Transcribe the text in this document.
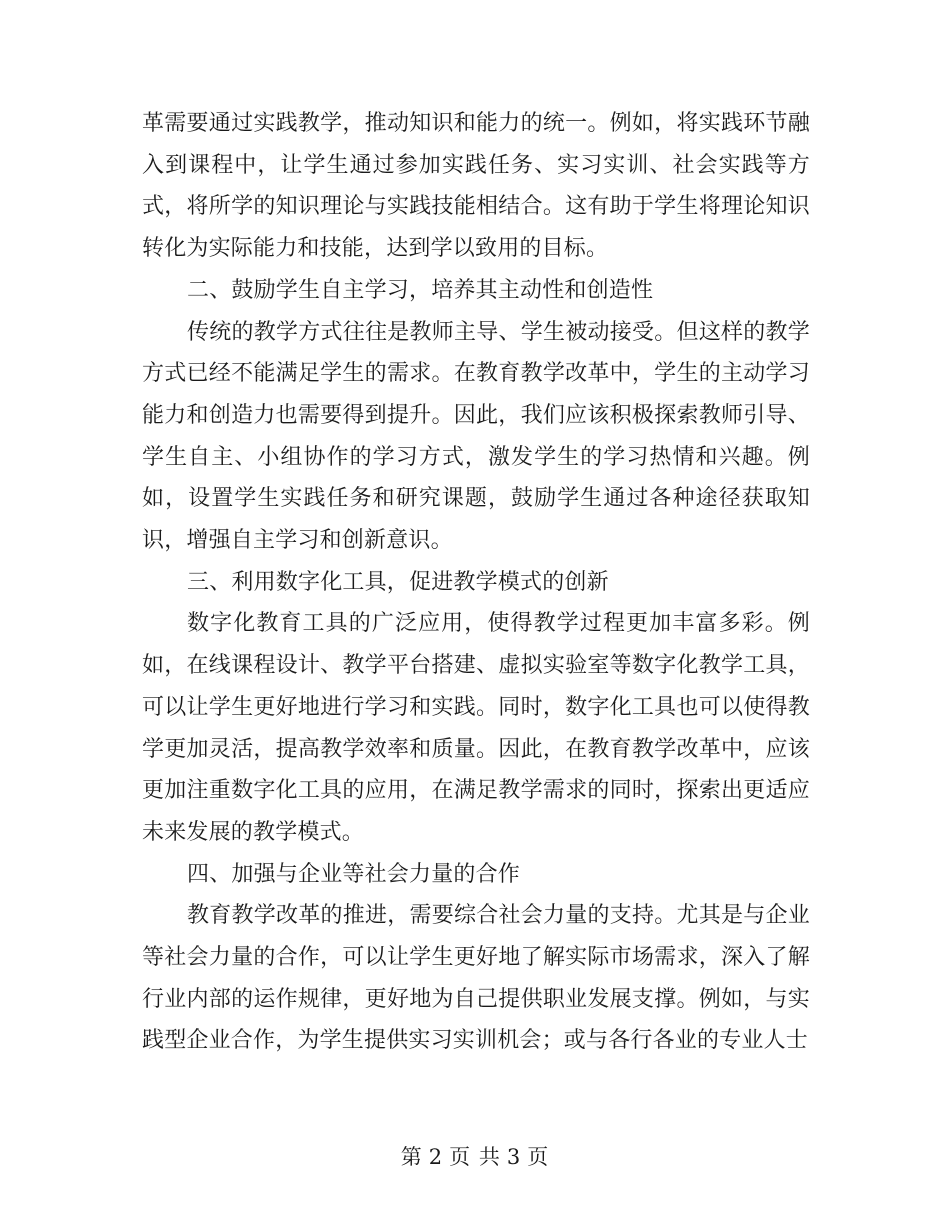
革需要通过实践教学，推动知识和能力的统一。例如，将实践环节融入到课程中，让学生通过参加实践任务、实习实训、社会实践等方式，将所学的知识理论与实践技能相结合。这有助于学生将理论知识转化为实际能力和技能，达到学以致用的目标。

二、鼓励学生自主学习，培养其主动性和创造性

传统的教学方式往往是教师主导、学生被动接受。但这样的教学方式已经不能满足学生的需求。在教育教学改革中，学生的主动学习能力和创造力也需要得到提升。因此，我们应该积极探索教师引导、学生自主、小组协作的学习方式，激发学生的学习热情和兴趣。例如，设置学生实践任务和研究课题，鼓励学生通过各种途径获取知识，增强自主学习和创新意识。

三、利用数字化工具，促进教学模式的创新

数字化教育工具的广泛应用，使得教学过程更加丰富多彩。例如，在线课程设计、教学平台搭建、虚拟实验室等数字化教学工具，可以让学生更好地进行学习和实践。同时，数字化工具也可以使得教学更加灵活，提高教学效率和质量。因此，在教育教学改革中，应该更加注重数字化工具的应用，在满足教学需求的同时，探索出更适应未来发展的教学模式。

四、加强与企业等社会力量的合作

教育教学改革的推进，需要综合社会力量的支持。尤其是与企业等社会力量的合作，可以让学生更好地了解实际市场需求，深入了解行业内部的运作规律，更好地为自己提供职业发展支撑。例如，与实践型企业合作，为学生提供实习实训机会；或与各行各业的专业人士

第 2 页 共 3 页
